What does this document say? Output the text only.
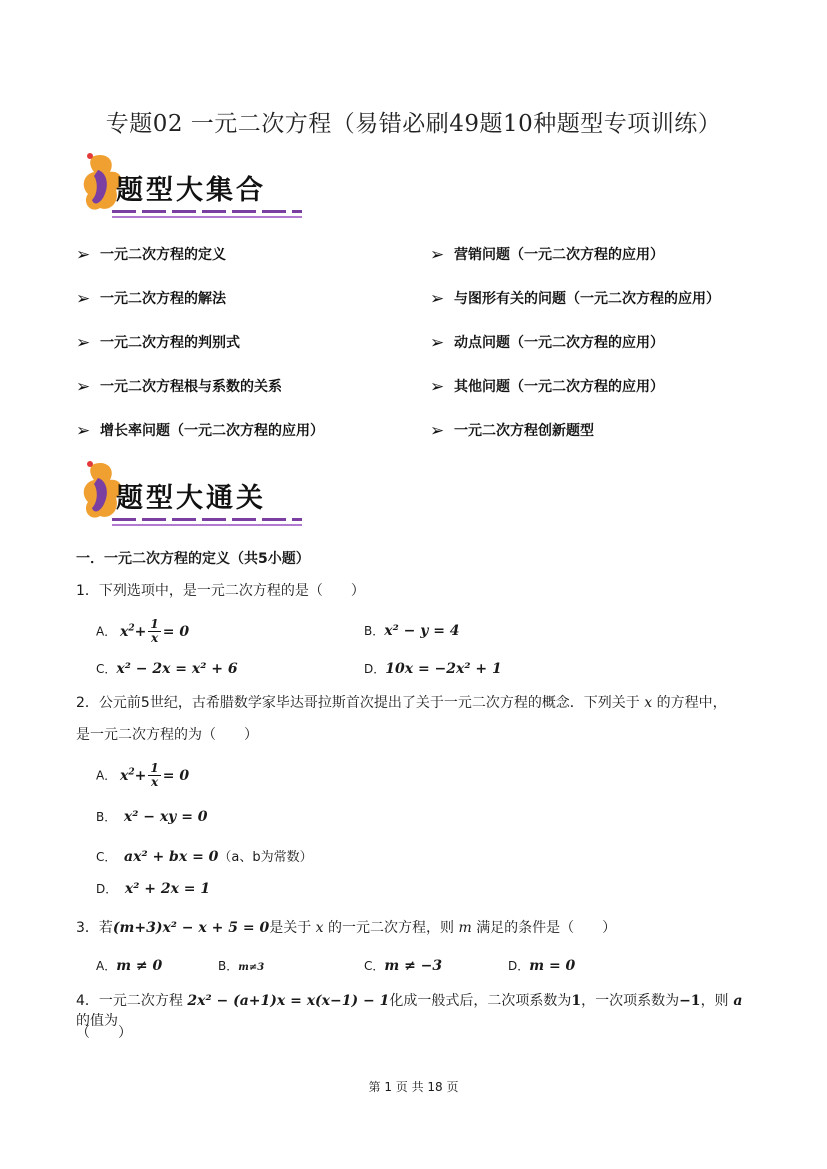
专题02 一元二次方程（易错必刷49题10种题型专项训练）
题型大集合
➢ 一元二次方程的定义
➢ 一元二次方程的解法
➢ 一元二次方程的判别式
➢ 一元二次方程根与系数的关系
➢ 增长率问题（一元二次方程的应用）
➢ 营销问题（一元二次方程的应用）
➢ 与图形有关的问题（一元二次方程的应用）
➢ 动点问题（一元二次方程的应用）
➢ 其他问题（一元二次方程的应用）
➢ 一元二次方程创新题型
题型大通关
一．一元二次方程的定义（共5小题）
1．下列选项中，是一元二次方程的是（　　）
A． $x^2+ \frac{1}{x} = 0$	B．x² − y = 4
C．x² − 2x = x² + 6	D．10x = −2x² + 1
2．公元前5世纪，古希腊数学家毕达哥拉斯首次提出了关于一元二次方程的概念．下列关于 x 的方程中，
是一元二次方程的为（　　）
A． $x^2+ \frac{1}{x} = 0$
B． x² − xy = 0
C． ax² + bx = 0（a、b为常数）
D． x² + 2x = 1
3．若(m+3)x² − x + 5 = 0是关于 x 的一元二次方程，则 m 满足的条件是（　　）
A．m ≠ 0	B．m≠3	C．m ≠ −3	D．m = 0
4．一元二次方程 2x² − (a+1)x = x(x−1) − 1化成一般式后，二次项系数为1，一次项系数为−1，则 a 的值为
（　　）
第 1 页 共 18 页
